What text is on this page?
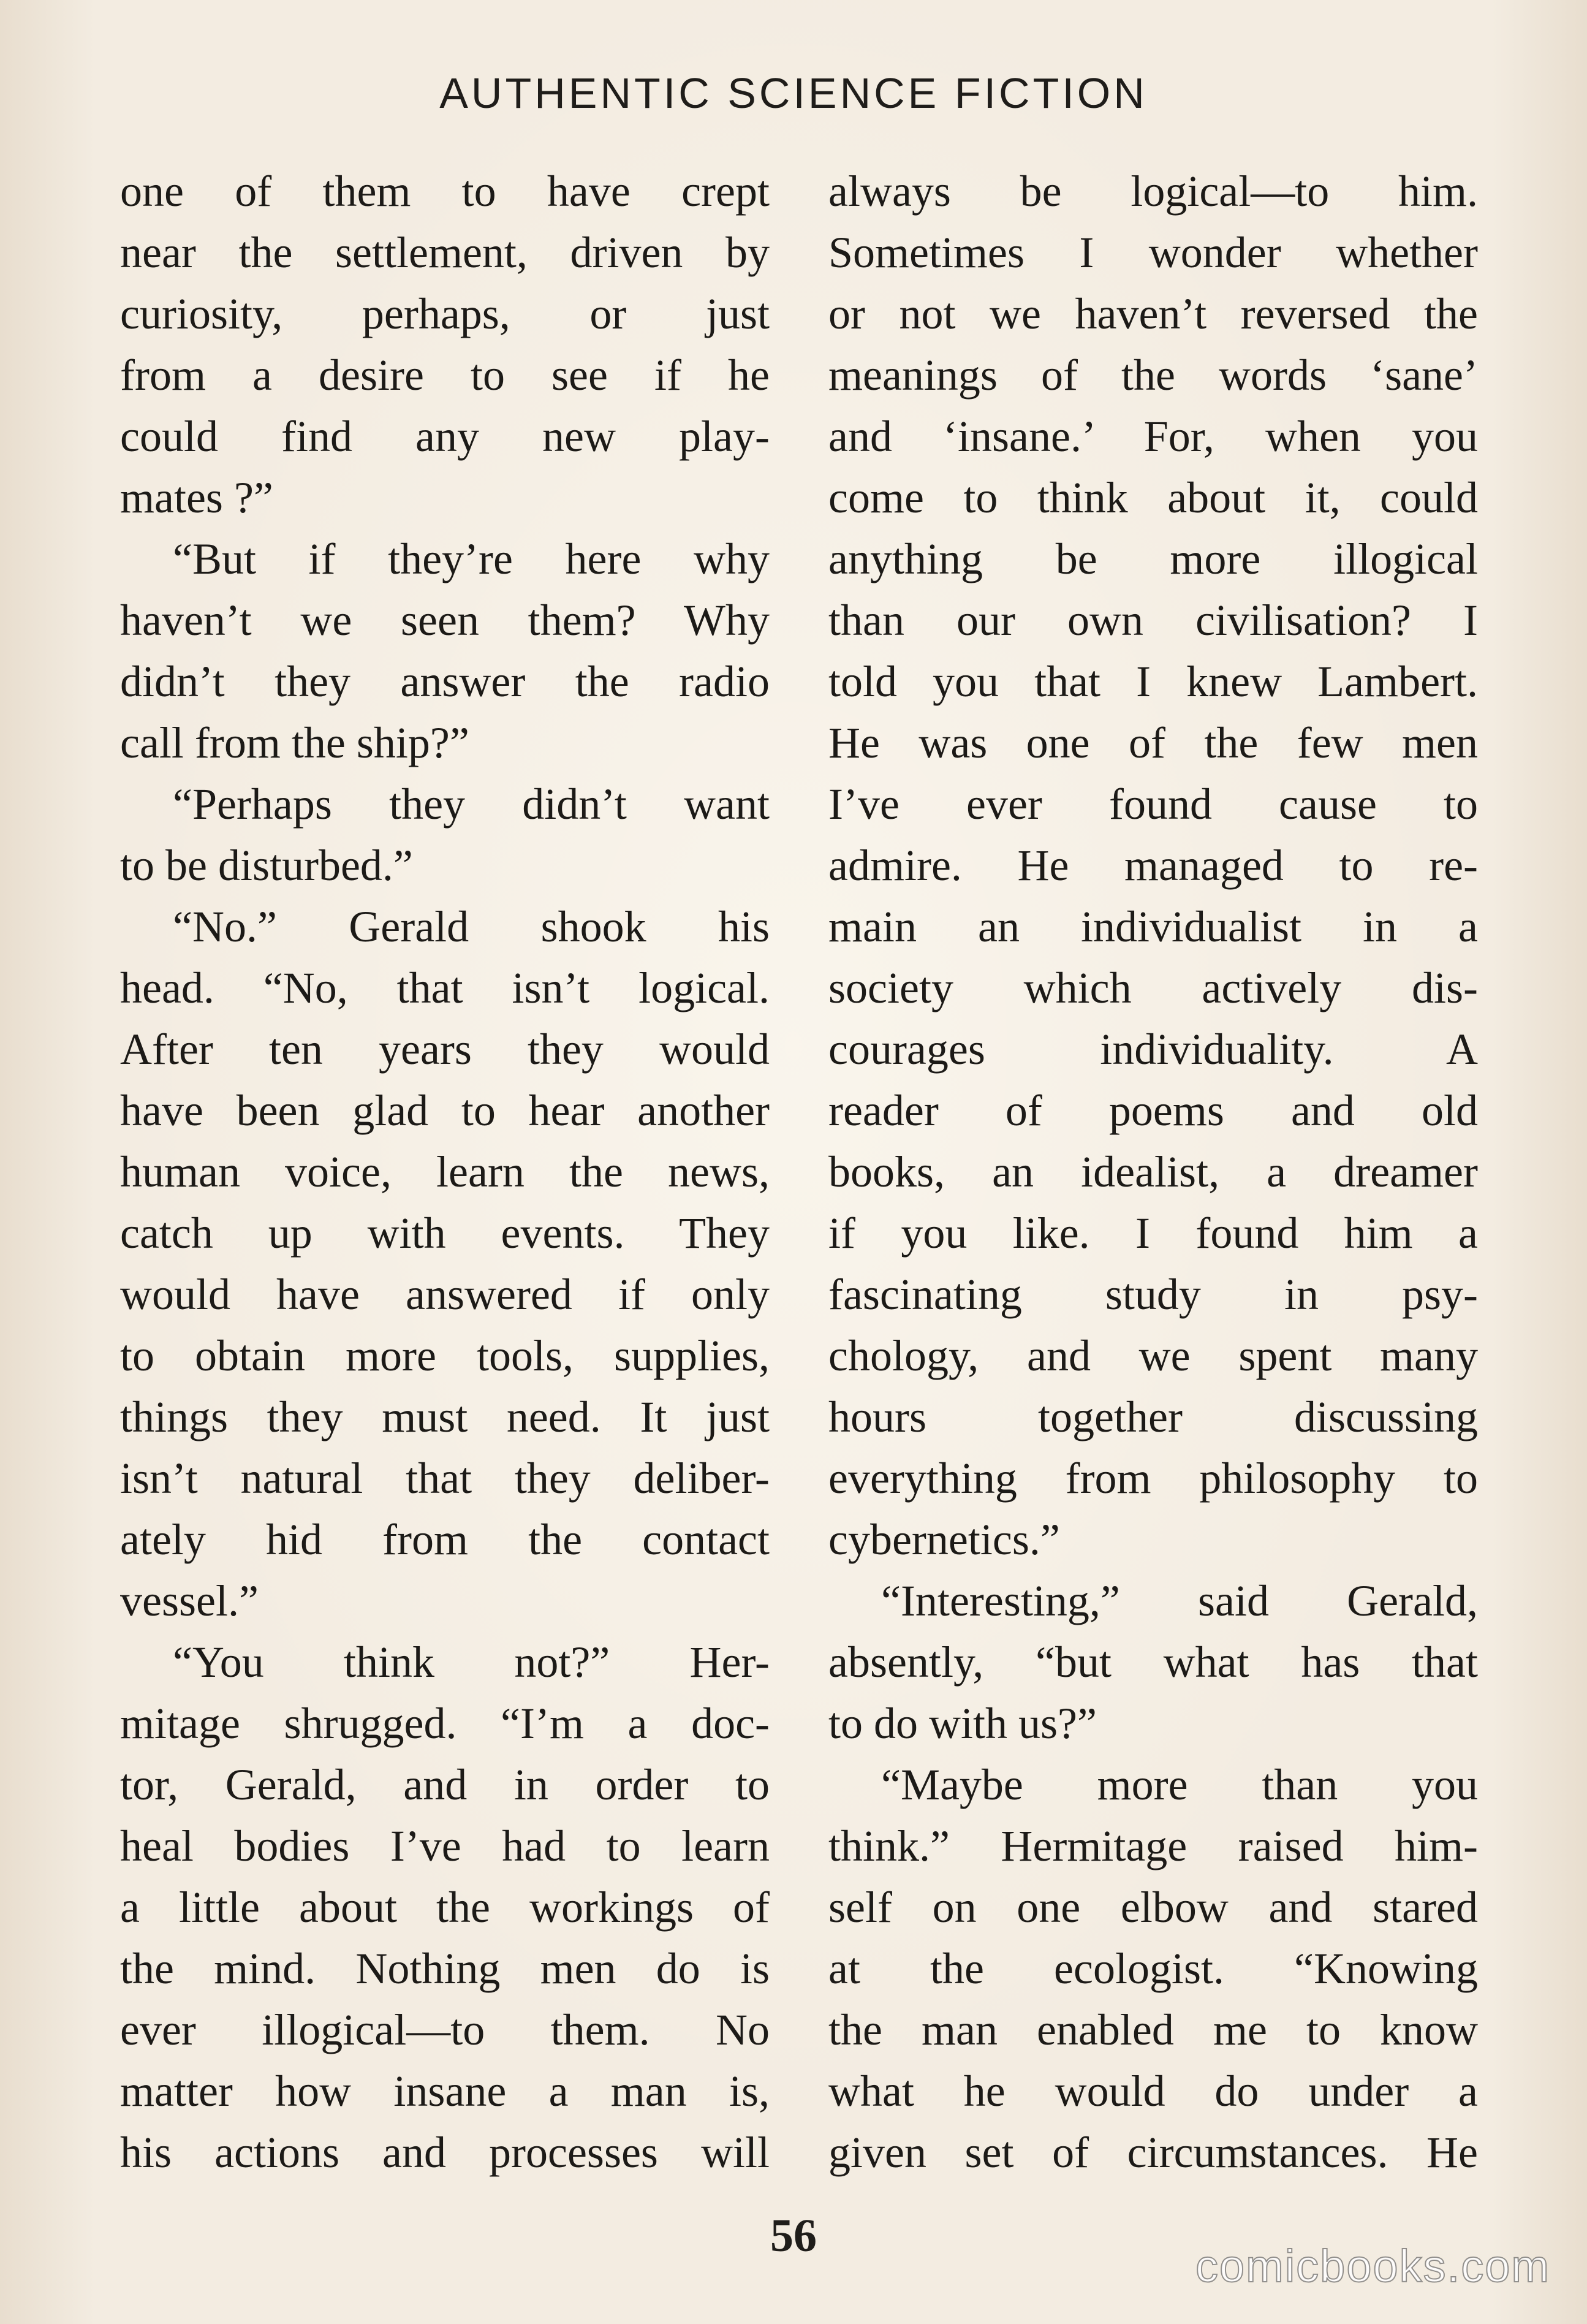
AUTHENTIC SCIENCE FICTION
one of them to have crept
near the settlement, driven by
curiosity, perhaps, or just
from a desire to see if he
could find any new play-
mates ?”
“But if they’re here why
haven’t we seen them? Why
didn’t they answer the radio
call from the ship?”
“Perhaps they didn’t want
to be disturbed.”
“No.” Gerald shook his
head. “No, that isn’t logical.
After ten years they would
have been glad to hear another
human voice, learn the news,
catch up with events. They
would have answered if only
to obtain more tools, supplies,
things they must need. It just
isn’t natural that they deliber-
ately hid from the contact
vessel.”
“You think not?” Her-
mitage shrugged. “I’m a doc-
tor, Gerald, and in order to
heal bodies I’ve had to learn
a little about the workings of
the mind. Nothing men do is
ever illogical—to them. No
matter how insane a man is,
his actions and processes will
always be logical—to him.
Sometimes I wonder whether
or not we haven’t reversed the
meanings of the words ‘sane’
and ‘insane.’ For, when you
come to think about it, could
anything be more illogical
than our own civilisation? I
told you that I knew Lambert.
He was one of the few men
I’ve ever found cause to
admire. He managed to re-
main an individualist in a
society which actively dis-
courages individuality. A
reader of poems and old
books, an idealist, a dreamer
if you like. I found him a
fascinating study in psy-
chology, and we spent many
hours together discussing
everything from philosophy to
cybernetics.”
“Interesting,” said Gerald,
absently, “but what has that
to do with us?”
“Maybe more than you
think.” Hermitage raised him-
self on one elbow and stared
at the ecologist. “Knowing
the man enabled me to know
what he would do under a
given set of circumstances. He
56
comicbooks.com
